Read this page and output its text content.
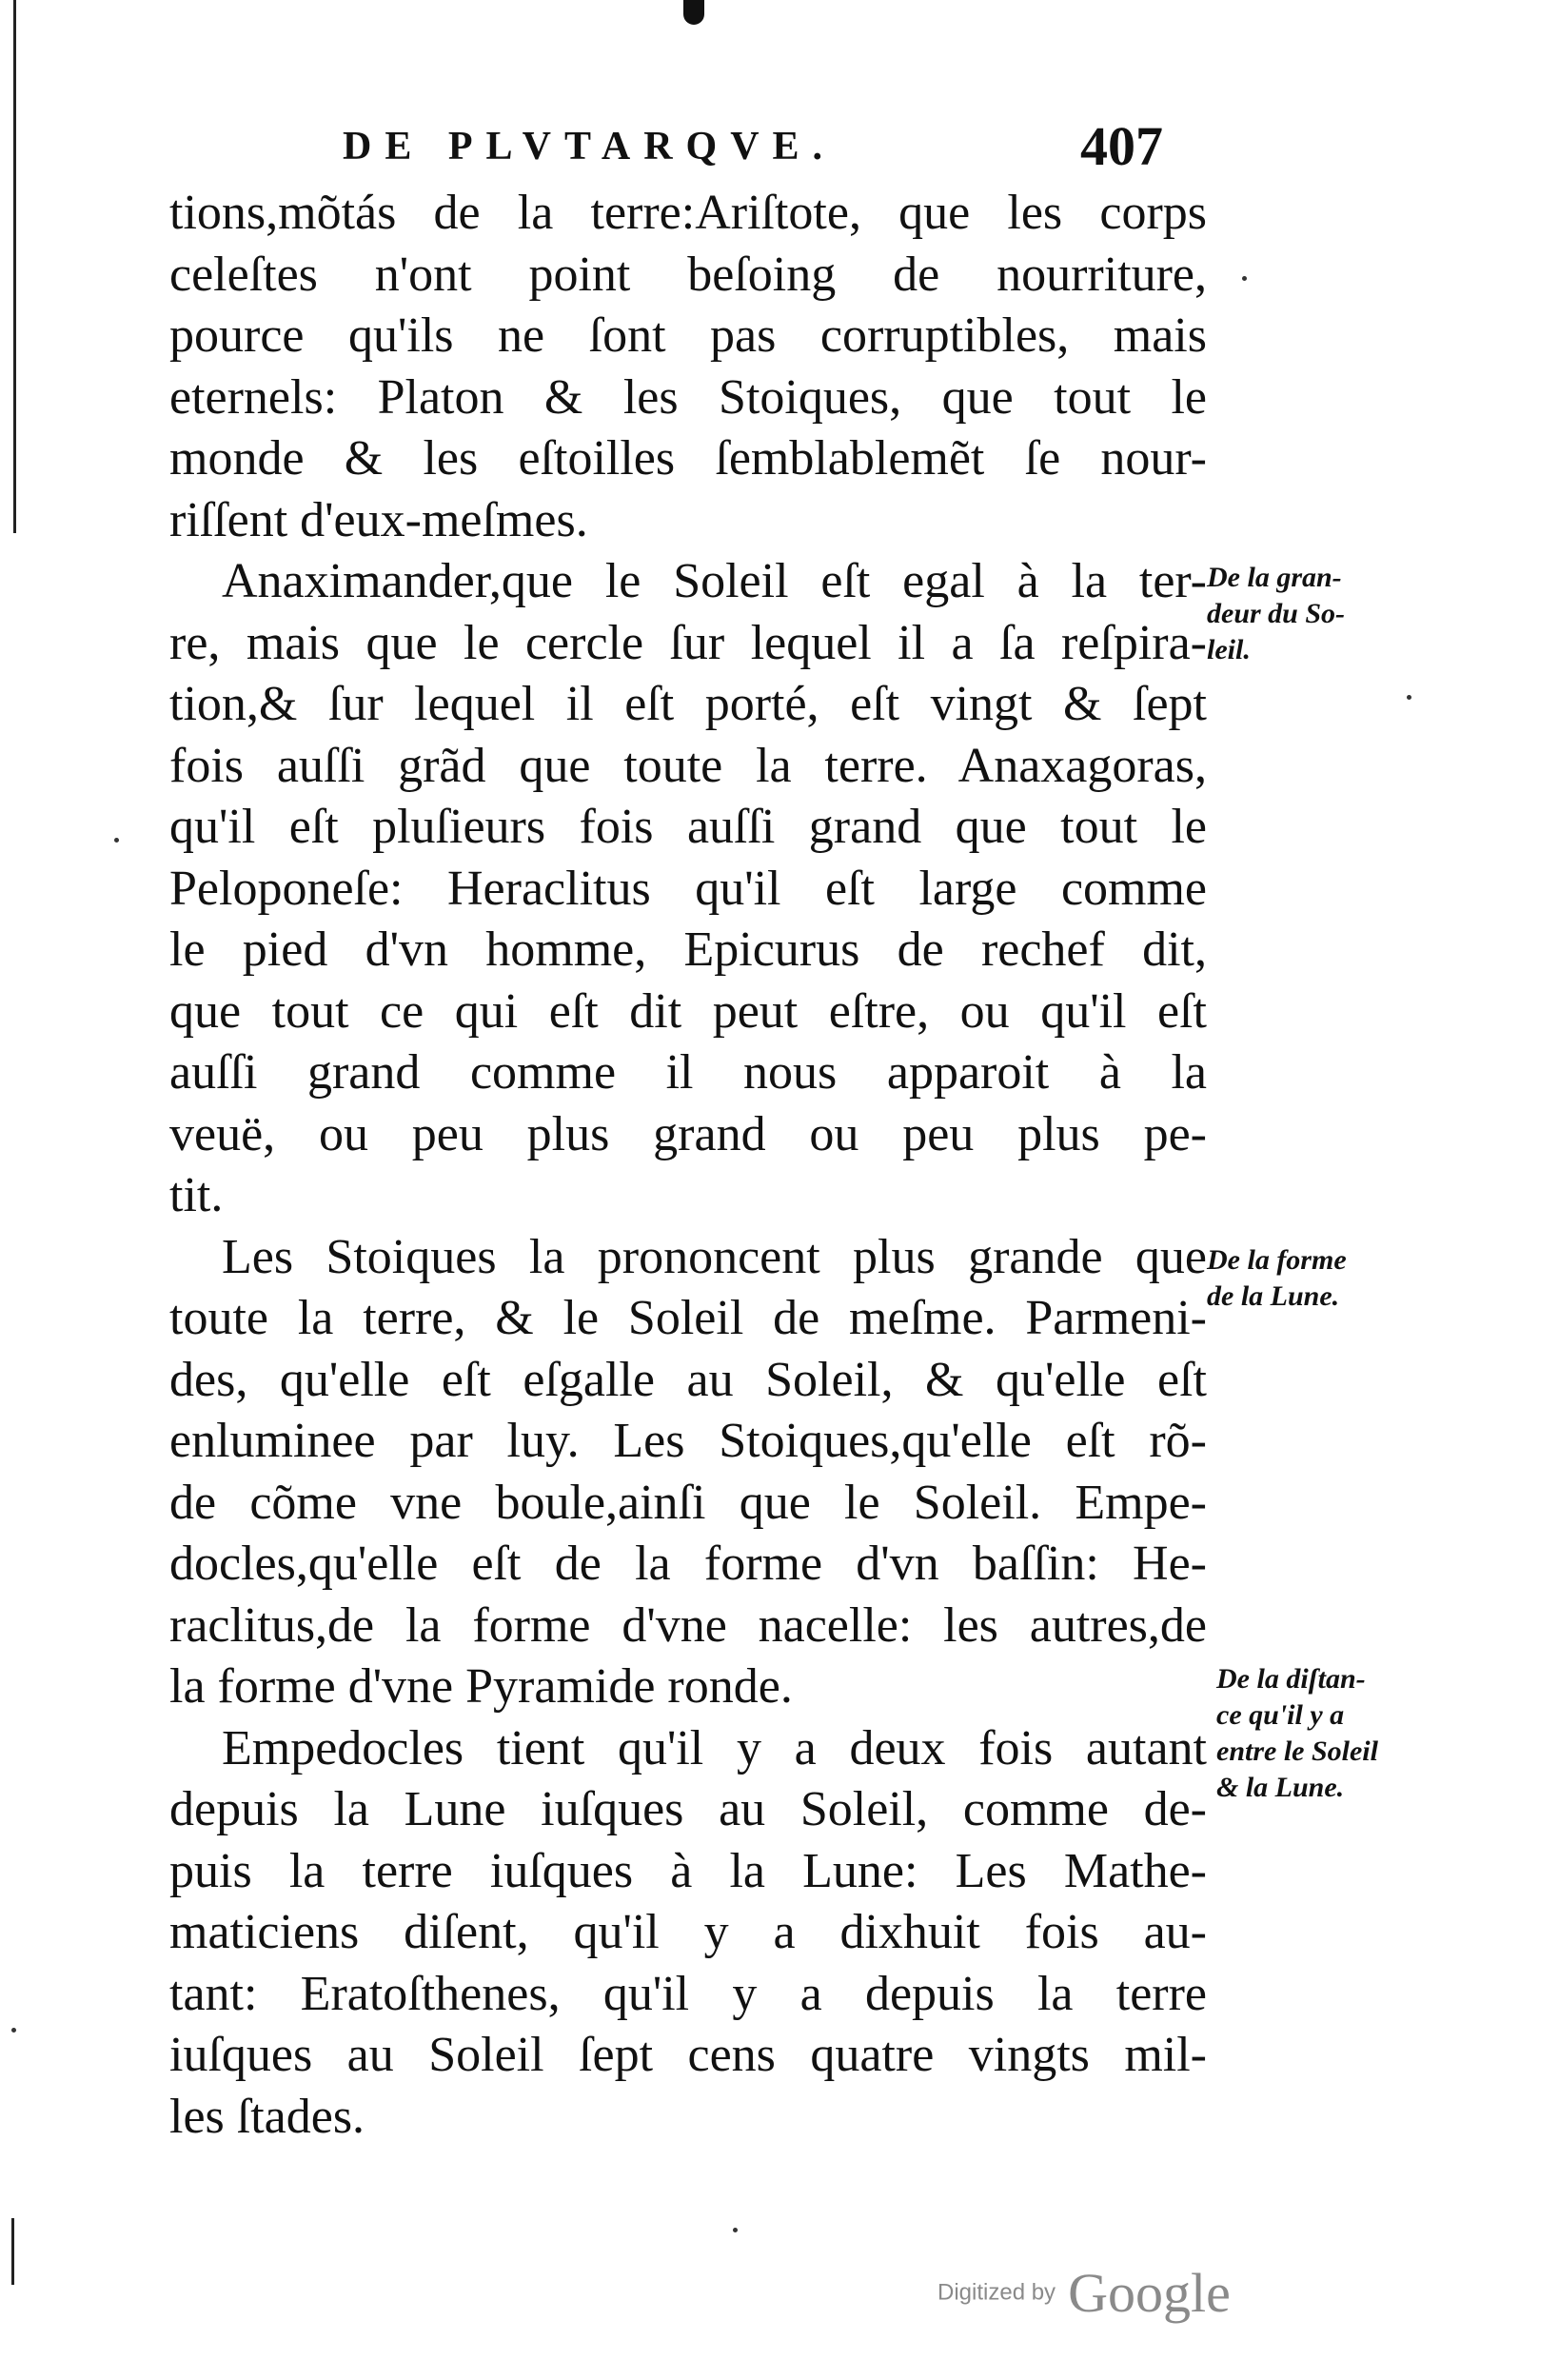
DE PLVTARQVE.	407
tions,mõtás de la terre:Ariſtote, que les corps
celeſtes n'ont point beſoing de nourriture,
pource qu'ils ne ſont pas corruptibles, mais
eternels: Platon & les Stoiques, que tout le
monde & les eſtoilles ſemblablemẽt ſe nour-
riſſent d'eux-meſmes.
Anaximander,que le Soleil eſt egal à la ter-
re, mais que le cercle ſur lequel il a ſa reſpira-
tion,& ſur lequel il eſt porté, eſt vingt & ſept
fois auſſi grãd que toute la terre. Anaxagoras,
qu'il eſt pluſieurs fois auſſi grand que tout le
Peloponeſe: Heraclitus qu'il eſt large comme
le pied d'vn homme, Epicurus de rechef dit,
que tout ce qui eſt dit peut eſtre, ou qu'il eſt
auſſi grand comme il nous apparoit à la
veuë, ou peu plus grand ou peu plus pe-
tit.
Les Stoiques la prononcent plus grande que
toute la terre, & le Soleil de meſme. Parmeni-
des, qu'elle eſt eſgalle au Soleil, & qu'elle eſt
enluminee par luy. Les Stoiques,qu'elle eſt rõ-
de cõme vne boule,ainſi que le Soleil. Empe-
docles,qu'elle eſt de la forme d'vn baſſin: He-
raclitus,de la forme d'vne nacelle: les autres,de
la forme d'vne Pyramide ronde.
Empedocles tient qu'il y a deux fois autant
depuis la Lune iuſques au Soleil, comme de-
puis la terre iuſques à la Lune: Les Mathe-
maticiens diſent, qu'il y a dixhuit fois au-
tant: Eratoſthenes, qu'il y a depuis la terre
iuſques au Soleil ſept cens quatre vingts mil-
les ſtades.
De la gran-
deur du So-
leil.
De la forme
de la Lune.
De la diſtan-
ce qu'il y a
entre le Soleil
& la Lune.
Digitized by Google
